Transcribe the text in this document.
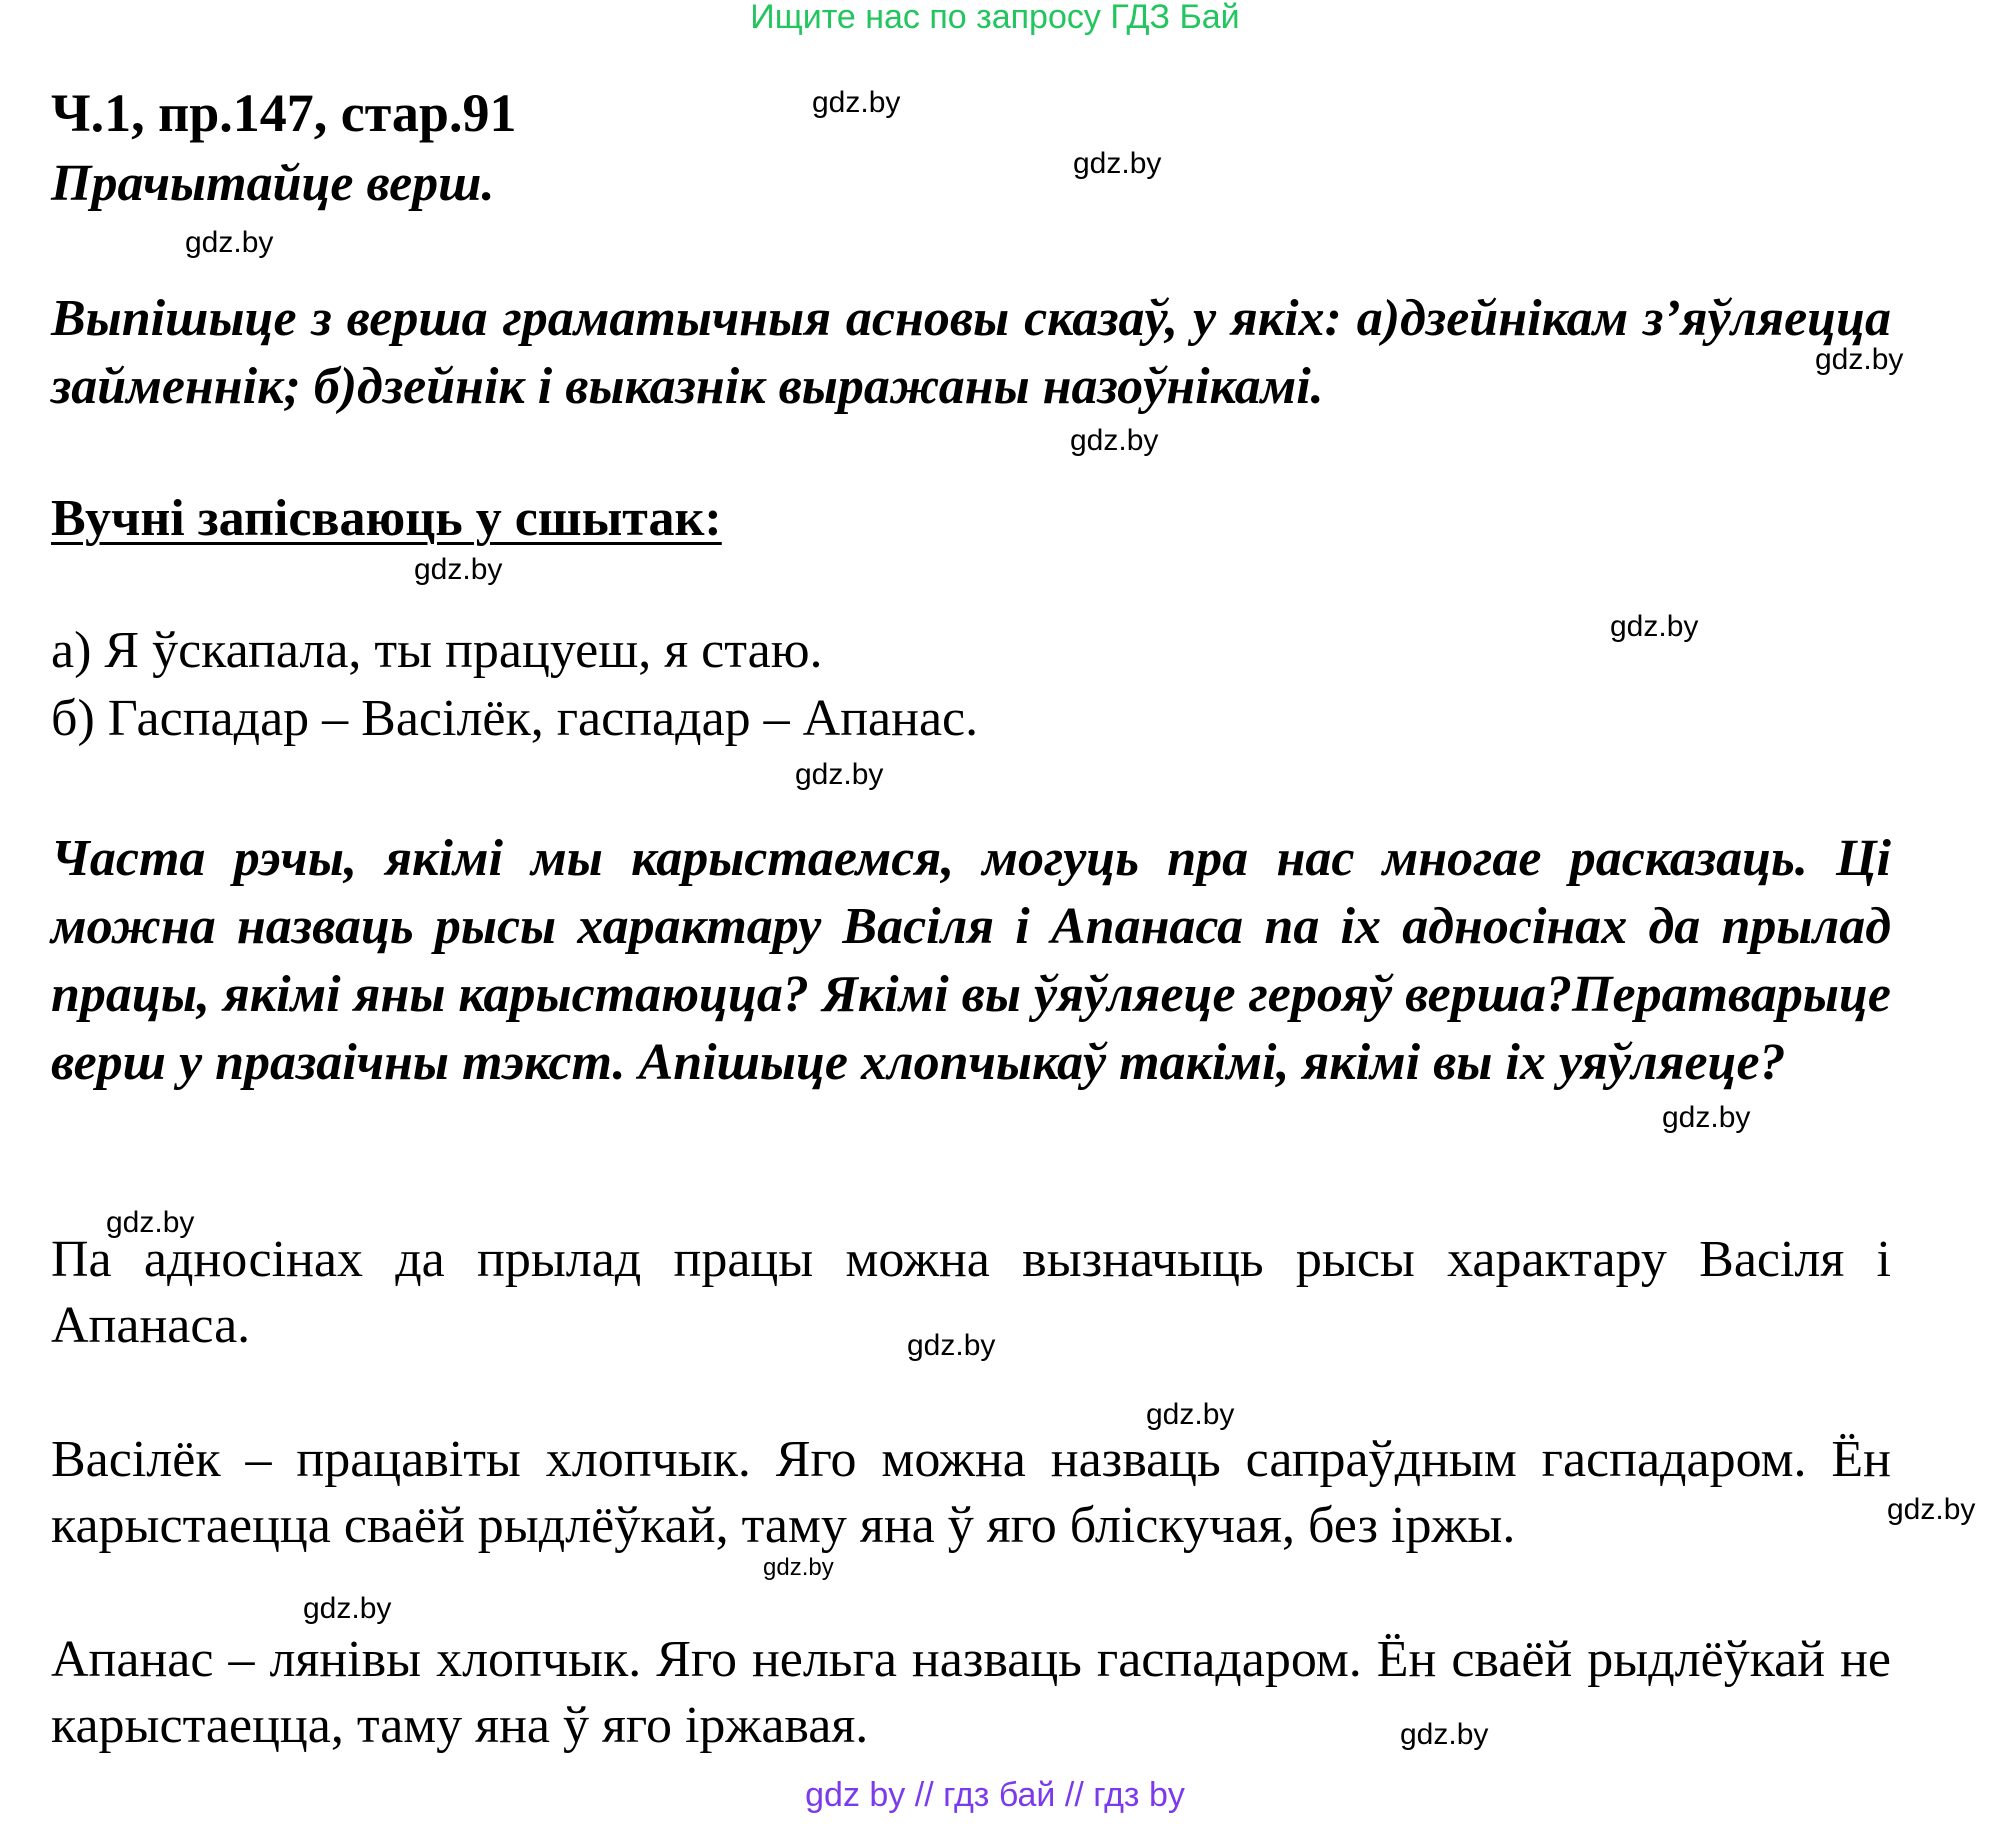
Ищите нас по запросу ГДЗ Бай
Ч.1, пр.147, стар.91
Прачытайце верш.
Выпішыце з верша граматычныя асновы сказаў, у якіх: а)дзейнікам з’яўляецца займеннік; б)дзейнік і выказнік выражаны назоўнікамі.
Вучні запісваюць у сшытак:
а) Я ўскапала, ты працуеш, я стаю.
б) Гаспадар – Васілёк, гаспадар – Апанас.
Часта рэчы, якімі мы карыстаемся, могуць пра нас многае расказаць. Ці можна назваць рысы характару Васіля і Апанаса па іх адносінах да прылад працы, якімі яны карыстаюцца? Якімі вы ўяўляеце герояў верша?Ператварыце верш у празаічны тэкст. Апішыце хлопчыкаў такімі, якімі вы іх уяўляеце?
Па адносінах да прылад працы можна вызначыць рысы характару Васіля і Апанаса.
Васілёк – працавіты хлопчык. Яго можна назваць сапраўдным гаспадаром. Ён карыстаецца сваёй рыдлёўкай, таму яна ў яго бліскучая, без іржы.
Апанас – лянівы хлопчык. Яго нельга назваць гаспадаром. Ён сваёй рыдлёўкай не карыстаецца, таму яна ў яго іржавая.
gdz.by
gdz.by
gdz.by
gdz.by
gdz.by
gdz.by
gdz.by
gdz.by
gdz.by
gdz.by
gdz.by
gdz.by
gdz.by
gdz.by
gdz.by
gdz.by
gdz by // гдз бай // гдз by
